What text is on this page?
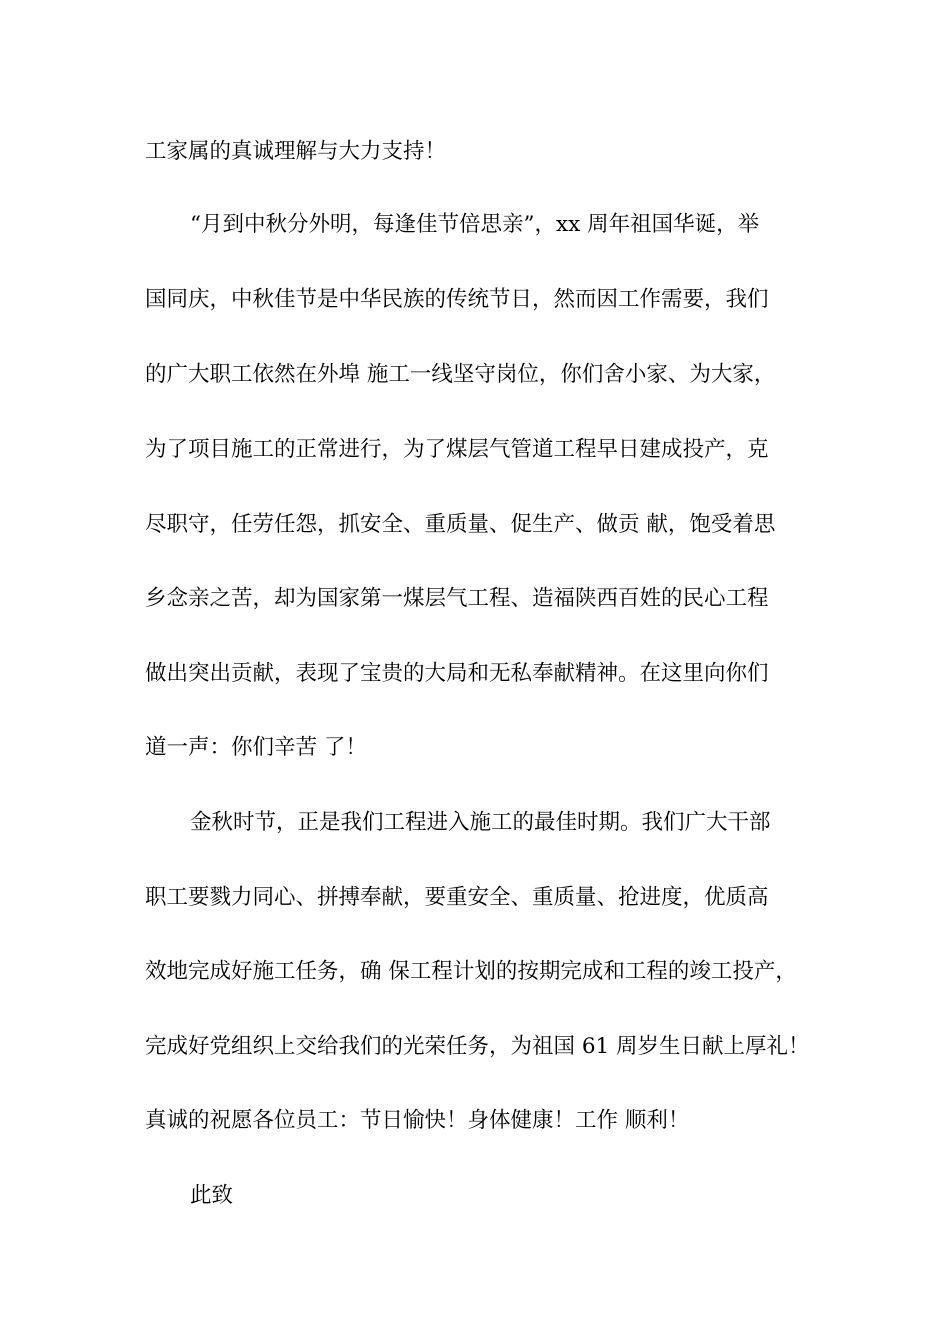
工家属的真诚理解与大力支持！
“月到中秋分外明，每逢佳节倍思亲”，xx 周年祖国华诞，举
国同庆，中秋佳节是中华民族的传统节日，然而因工作需要，我们
的广大职工依然在外埠 施工一线坚守岗位，你们舍小家、为大家，
为了项目施工的正常进行，为了煤层气管道工程早日建成投产，克
尽职守，任劳任怨，抓安全、重质量、促生产、做贡 献，饱受着思
乡念亲之苦，却为国家第一煤层气工程、造福陕西百姓的民心工程
做出突出贡献，表现了宝贵的大局和无私奉献精神。在这里向你们
道一声：你们辛苦 了！
金秋时节，正是我们工程进入施工的最佳时期。我们广大干部
职工要戮力同心、拼搏奉献，要重安全、重质量、抢进度，优质高
效地完成好施工任务，确 保工程计划的按期完成和工程的竣工投产，
完成好党组织上交给我们的光荣任务，为祖国 61 周岁生日献上厚礼！
真诚的祝愿各位员工：节日愉快！身体健康！工作 顺利！
此致
